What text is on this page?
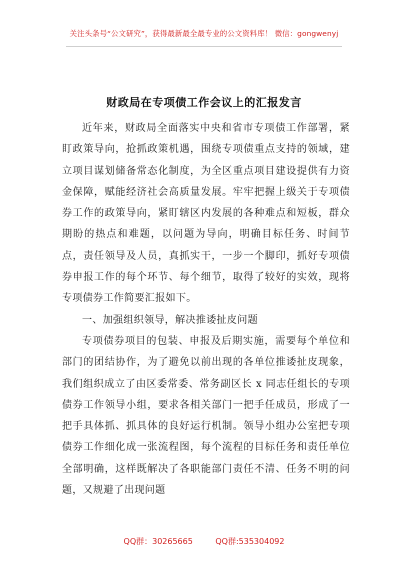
关注头条号“公文研究”，获得最新最全最专业的公文资料库！ 微信：gongwenyj
财政局在专项债工作会议上的汇报发言

近年来，财政局全面落实中央和省市专项债工作部署，紧盯政策导向，抢抓政策机遇，围绕专项债重点支持的领域，建立项目谋划储备常态化制度，为全区重点项目建设提供有力资金保障，赋能经济社会高质量发展。牢牢把握上级关于专项债券工作的政策导向，紧盯辖区内发展的各种难点和短板，群众期盼的热点和难题，以问题为导向，明确目标任务、时间节点，责任领导及人员，真抓实干，一步一个脚印，抓好专项债券申报工作的每个环节、每个细节，取得了较好的实效，现将专项债券工作简要汇报如下。

一、加强组织领导，解决推诿扯皮问题

专项债券项目的包装、申报及后期实施，需要每个单位和部门的团结协作，为了避免以前出现的各单位推诿扯皮现象，我们组织成立了由区委常委、常务副区长 x 同志任组长的专项债券工作领导小组，要求各相关部门一把手任成员，形成了一把手具体抓、抓具体的良好运行机制。领导小组办公室把专项债券工作细化成一张流程图，每个流程的目标任务和责任单位全部明确，这样既解决了各职能部门责任不清、任务不明的问题，又规避了出现问题

QQ群：30265665	QQ群:535304092
